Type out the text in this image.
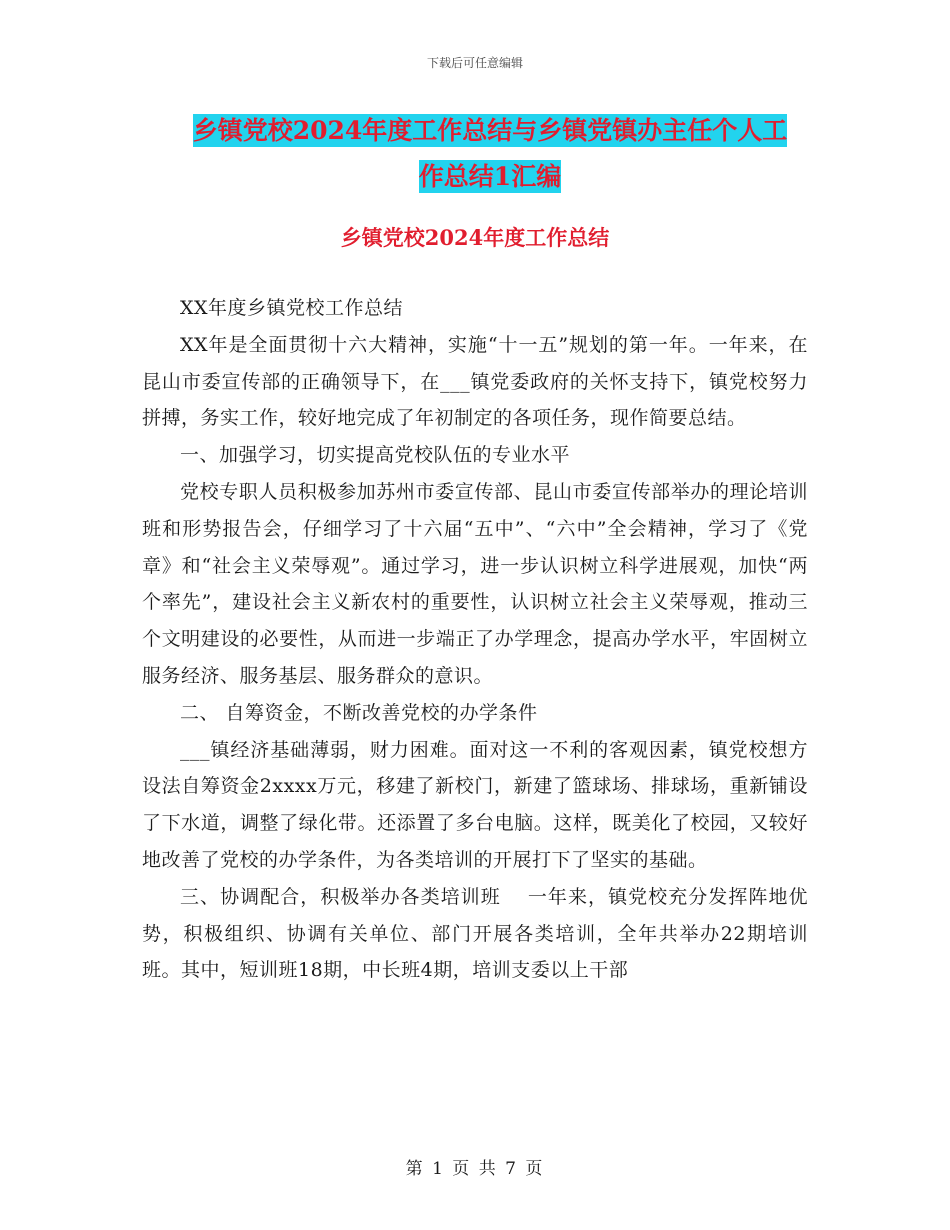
下载后可任意编辑
乡镇党校2024年度工作总结与乡镇党镇办主任个人工
作总结1汇编
乡镇党校2024年度工作总结

XX年度乡镇党校工作总结

XX年是全面贯彻十六大精神，实施“十一五”规划的第一年。一年来，在昆山市委宣传部的正确领导下，在___镇党委政府的关怀支持下，镇党校努力拼搏，务实工作，较好地完成了年初制定的各项任务，现作简要总结。

一、加强学习，切实提高党校队伍的专业水平

党校专职人员积极参加苏州市委宣传部、昆山市委宣传部举办的理论培训班和形势报告会，仔细学习了十六届“五中”、“六中”全会精神，学习了《党章》和“社会主义荣辱观”。通过学习，进一步认识树立科学进展观，加快“两个率先”，建设社会主义新农村的重要性，认识树立社会主义荣辱观，推动三个文明建设的必要性，从而进一步端正了办学理念，提高办学水平，牢固树立服务经济、服务基层、服务群众的意识。

二、 自筹资金，不断改善党校的办学条件

___镇经济基础薄弱，财力困难。面对这一不利的客观因素，镇党校想方设法自筹资金2xxxx万元，移建了新校门，新建了篮球场、排球场，重新铺设了下水道，调整了绿化带。还添置了多台电脑。这样，既美化了校园，又较好地改善了党校的办学条件，为各类培训的开展打下了坚实的基础。

三、协调配合，积极举办各类培训班　 一年来，镇党校充分发挥阵地优势，积极组织、协调有关单位、部门开展各类培训，全年共举办22期培训班。其中，短训班18期，中长班4期，培训支委以上干部

第 1 页 共 7 页
